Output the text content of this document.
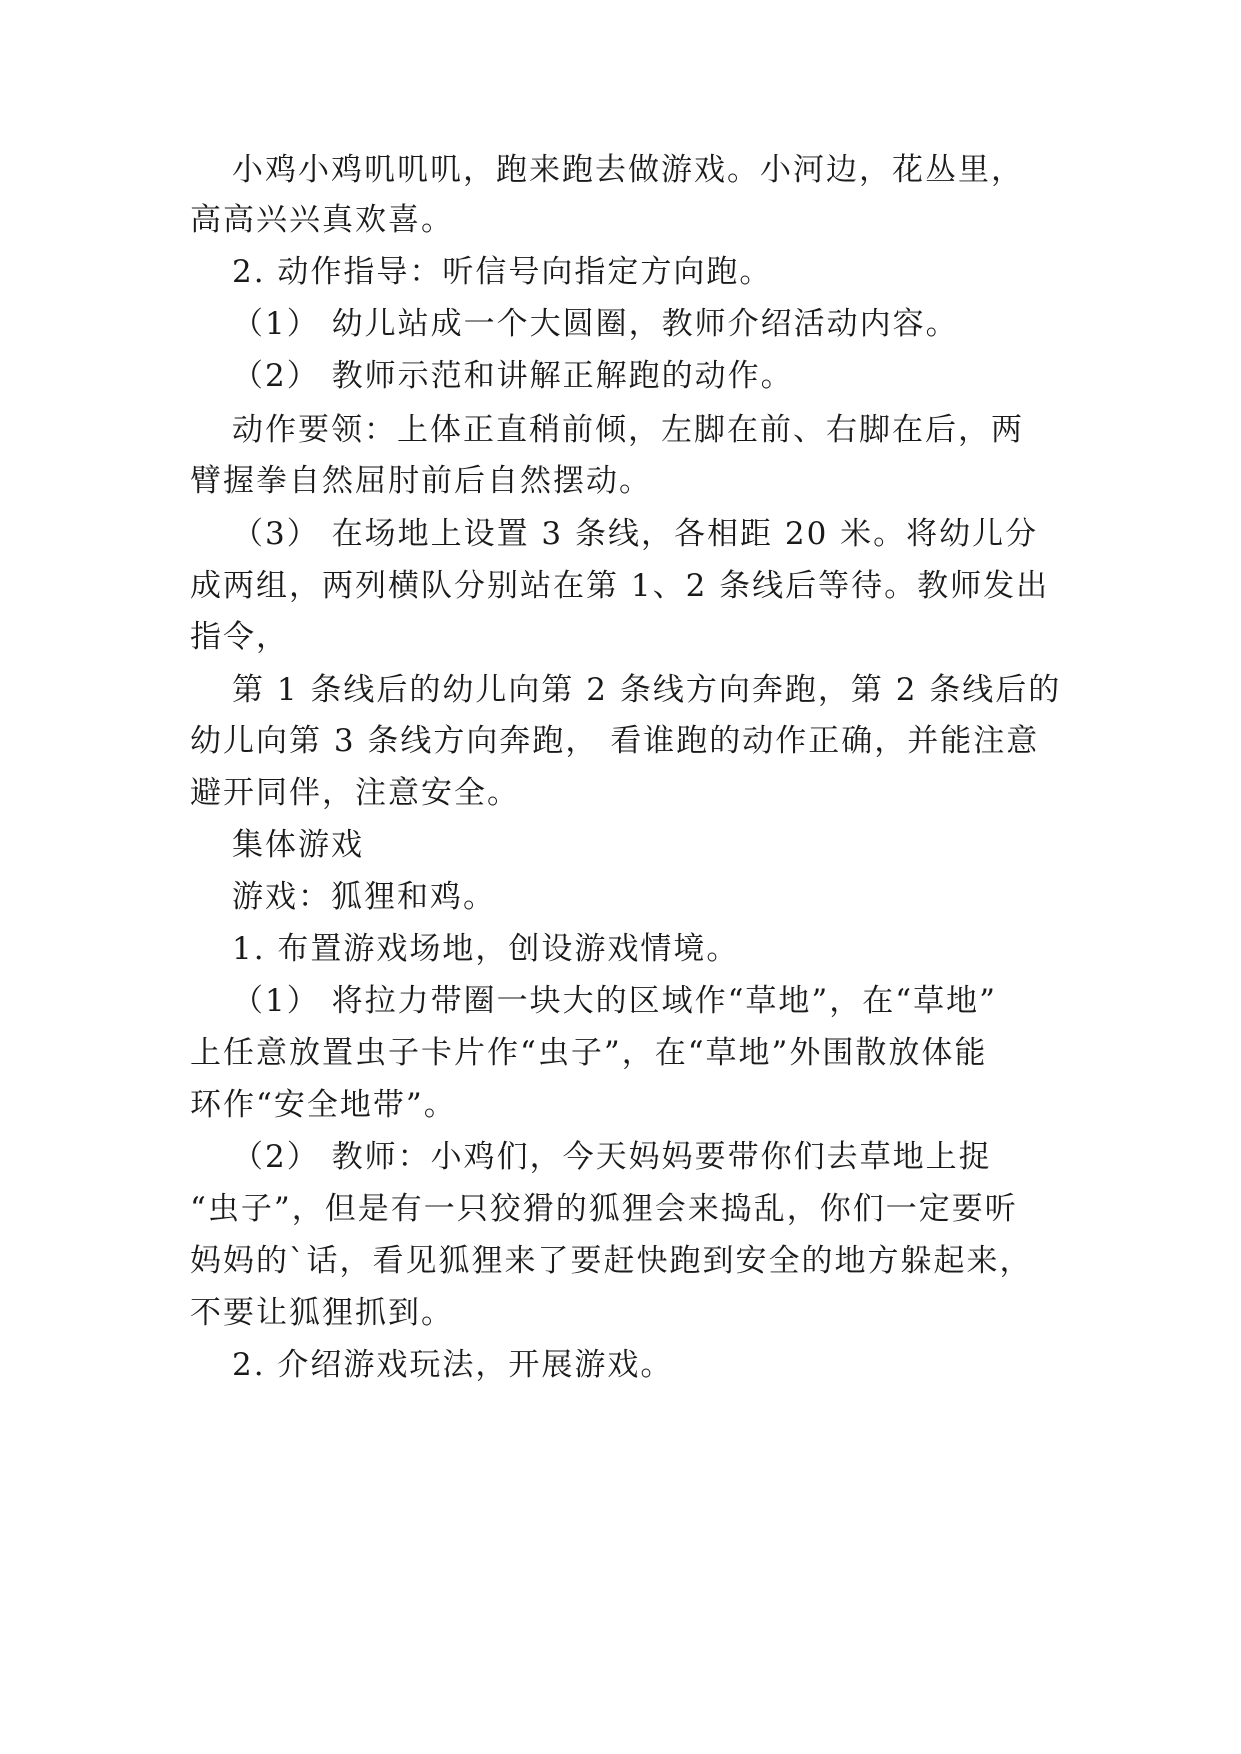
小鸡小鸡叽叽叽，跑来跑去做游戏。小河边，花丛里，
高高兴兴真欢喜。
2. 动作指导：听信号向指定方向跑。
（1） 幼儿站成一个大圆圈，教师介绍活动内容。
（2） 教师示范和讲解正解跑的动作。
动作要领：上体正直稍前倾，左脚在前、右脚在后，两
臂握拳自然屈肘前后自然摆动。
（3） 在场地上设置 3 条线，各相距 20 米。将幼儿分
成两组，两列横队分别站在第 1、2 条线后等待。教师发出
指令，
第 1 条线后的幼儿向第 2 条线方向奔跑，第 2 条线后的
幼儿向第 3 条线方向奔跑， 看谁跑的动作正确，并能注意
避开同伴，注意安全。
集体游戏
游戏：狐狸和鸡。
1. 布置游戏场地，创设游戏情境。
（1） 将拉力带圈一块大的区域作“草地”，在“草地”
上任意放置虫子卡片作“虫子”，在“草地”外围散放体能
环作“安全地带”。
（2） 教师：小鸡们，今天妈妈要带你们去草地上捉
“虫子”，但是有一只狡猾的狐狸会来捣乱，你们一定要听
妈妈的`话，看见狐狸来了要赶快跑到安全的地方躲起来，
不要让狐狸抓到。
2. 介绍游戏玩法，开展游戏。
